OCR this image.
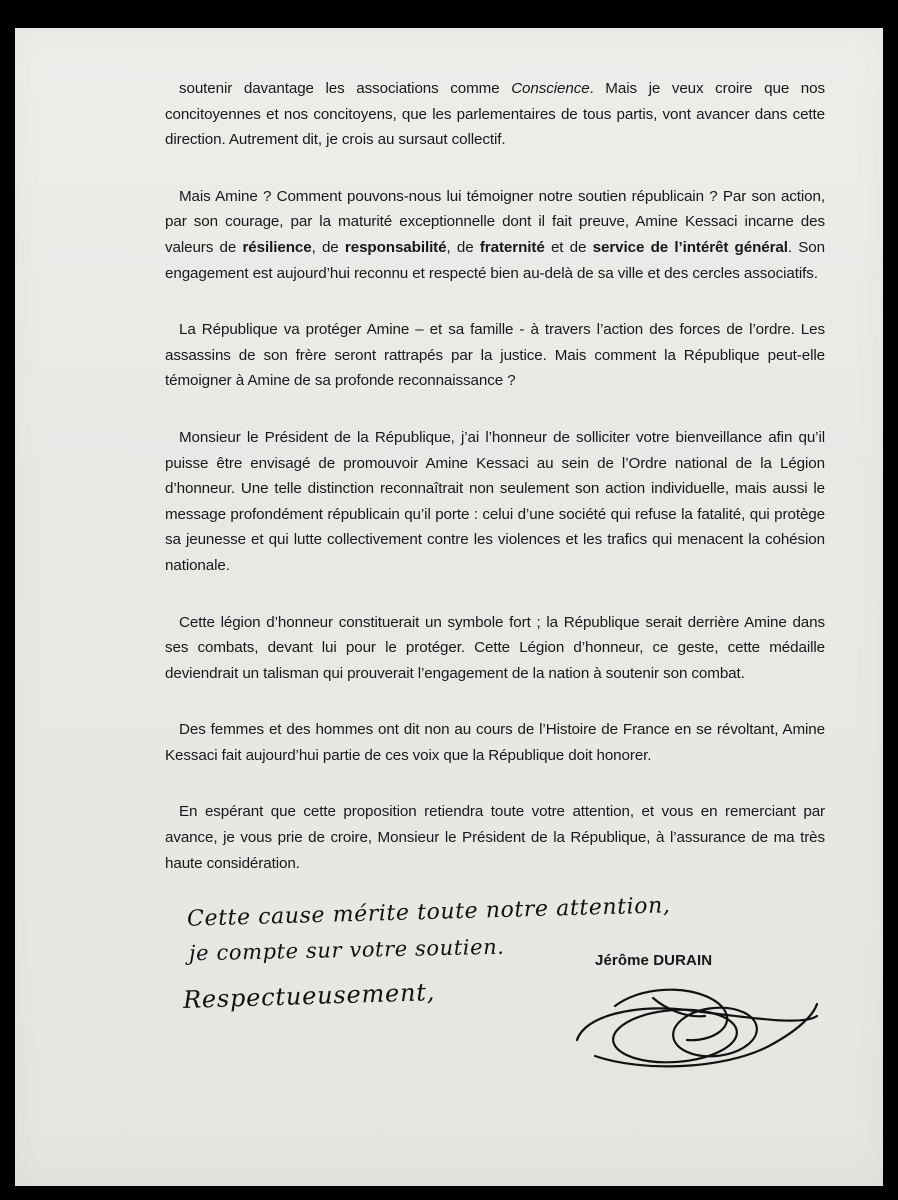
soutenir davantage les associations comme Conscience. Mais je veux croire que nos concitoyennes et nos concitoyens, que les parlementaires de tous partis, vont avancer dans cette direction. Autrement dit, je crois au sursaut collectif.

Mais Amine ? Comment pouvons-nous lui témoigner notre soutien républicain ? Par son action, par son courage, par la maturité exceptionnelle dont il fait preuve, Amine Kessaci incarne des valeurs de résilience, de responsabilité, de fraternité et de service de l’intérêt général. Son engagement est aujourd’hui reconnu et respecté bien au-delà de sa ville et des cercles associatifs.

La République va protéger Amine – et sa famille - à travers l’action des forces de l’ordre. Les assassins de son frère seront rattrapés par la justice. Mais comment la République peut-elle témoigner à Amine de sa profonde reconnaissance ?

Monsieur le Président de la République, j’ai l’honneur de solliciter votre bienveillance afin qu’il puisse être envisagé de promouvoir Amine Kessaci au sein de l’Ordre national de la Légion d’honneur. Une telle distinction reconnaîtrait non seulement son action individuelle, mais aussi le message profondément républicain qu’il porte : celui d’une société qui refuse la fatalité, qui protège sa jeunesse et qui lutte collectivement contre les violences et les trafics qui menacent la cohésion nationale.

Cette légion d’honneur constituerait un symbole fort ; la République serait derrière Amine dans ses combats, devant lui pour le protéger. Cette Légion d’honneur, ce geste, cette médaille deviendrait un talisman qui prouverait l’engagement de la nation à soutenir son combat.

Des femmes et des hommes ont dit non au cours de l’Histoire de France en se révoltant, Amine Kessaci fait aujourd’hui partie de ces voix que la République doit honorer.

En espérant que cette proposition retiendra toute votre attention, et vous en remerciant par avance, je vous prie de croire, Monsieur le Président de la République, à l’assurance de ma très haute considération.

Cette cause mérite toute notre attention,
je compte sur votre soutien.
Respectueusement,
Jérôme DURAIN
